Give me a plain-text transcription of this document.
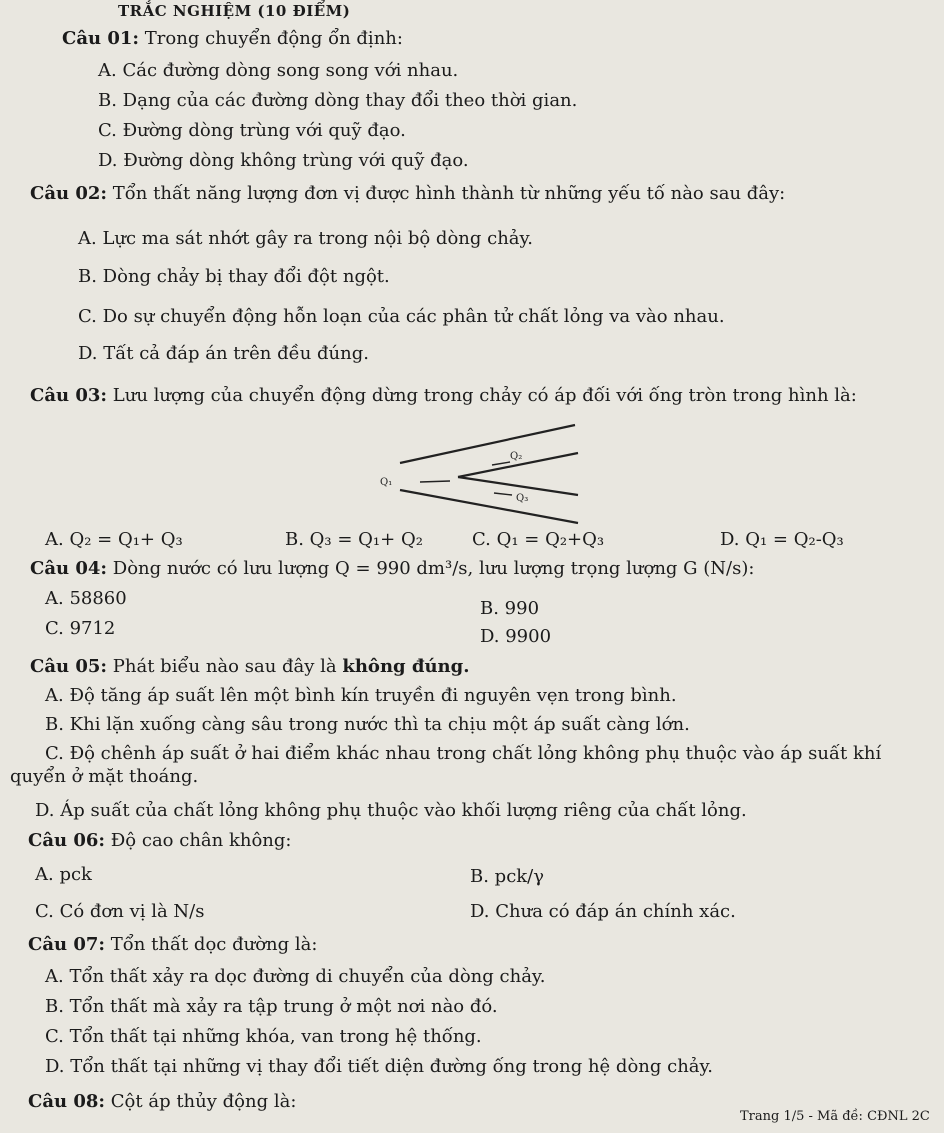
TRẮC NGHIỆM (10 ĐIỂM)
Câu 01: Trong chuyển động ổn định:
A. Các đường dòng song song với nhau.
B. Dạng của các đường dòng thay đổi theo thời gian.
C. Đường dòng trùng với quỹ đạo.
D. Đường dòng không trùng với quỹ đạo.
Câu 02: Tổn thất năng lượng đơn vị được hình thành từ những yếu tố nào sau đây:
A. Lực ma sát nhớt gây ra trong nội bộ dòng chảy.
B. Dòng chảy bị thay đổi đột ngột.
C. Do sự chuyển động hỗn loạn của các phân tử chất lỏng va vào nhau.
D. Tất cả đáp án trên đều đúng.
Câu 03: Lưu lượng của chuyển động dừng trong chảy có áp đối với ống tròn trong hình là:
Q₁
Q₂
Q₃
A. Q₂ = Q₁+ Q₃	B. Q₃ = Q₁+ Q₂	C. Q₁ = Q₂+Q₃	D. Q₁ = Q₂-Q₃
Câu 04: Dòng nước có lưu lượng Q = 990 dm³/s, lưu lượng trọng lượng G (N/s):
A. 58860	B. 990
C. 9712	D. 9900
Câu 05: Phát biểu nào sau đây là không đúng.
A. Độ tăng áp suất lên một bình kín truyền đi nguyên vẹn trong bình.
B. Khi lặn xuống càng sâu trong nước thì ta chịu một áp suất càng lớn.
C. Độ chênh áp suất ở hai điểm khác nhau trong chất lỏng không phụ thuộc vào áp suất khí
quyển ở mặt thoáng.
D. Áp suất của chất lỏng không phụ thuộc vào khối lượng riêng của chất lỏng.
Câu 06: Độ cao chân không:
A. pck	B. pck/γ
C. Có đơn vị là N/s	D. Chưa có đáp án chính xác.
Câu 07: Tổn thất dọc đường là:
A. Tổn thất xảy ra dọc đường di chuyển của dòng chảy.
B. Tổn thất mà xảy ra tập trung ở một nơi nào đó.
C. Tổn thất tại những khóa, van trong hệ thống.
D. Tổn thất tại những vị thay đổi tiết diện đường ống trong hệ dòng chảy.
Câu 08: Cột áp thủy động là:
Trang 1/5 - Mã đề: CĐNL 2C
